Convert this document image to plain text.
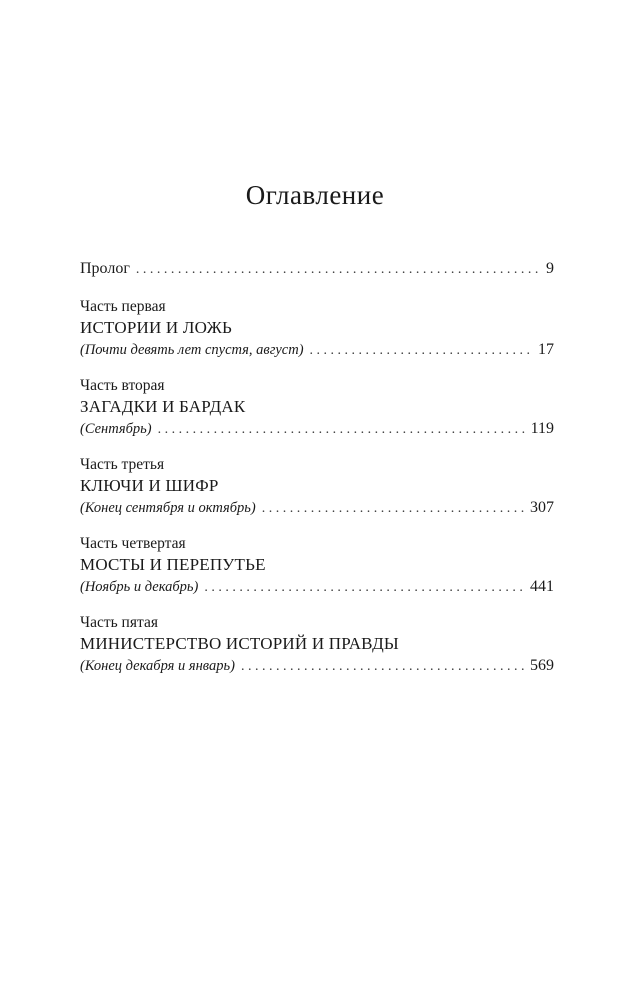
Оглавление
Пролог . . .	9
Часть первая
ИСТОРИИ И ЛОЖЬ
(Почти девять лет спустя, август) . . .	17
Часть вторая
ЗАГАДКИ И БАРДАК
(Сентябрь) . . .	119
Часть третья
КЛЮЧИ И ШИФР
(Конец сентября и октябрь) . . .	307
Часть четвертая
МОСТЫ И ПЕРЕПУТЬЕ
(Ноябрь и декабрь) . . .	441
Часть пятая
МИНИСТЕРСТВО ИСТОРИЙ И ПРАВДЫ
(Конец декабря и январь) . . .	569
